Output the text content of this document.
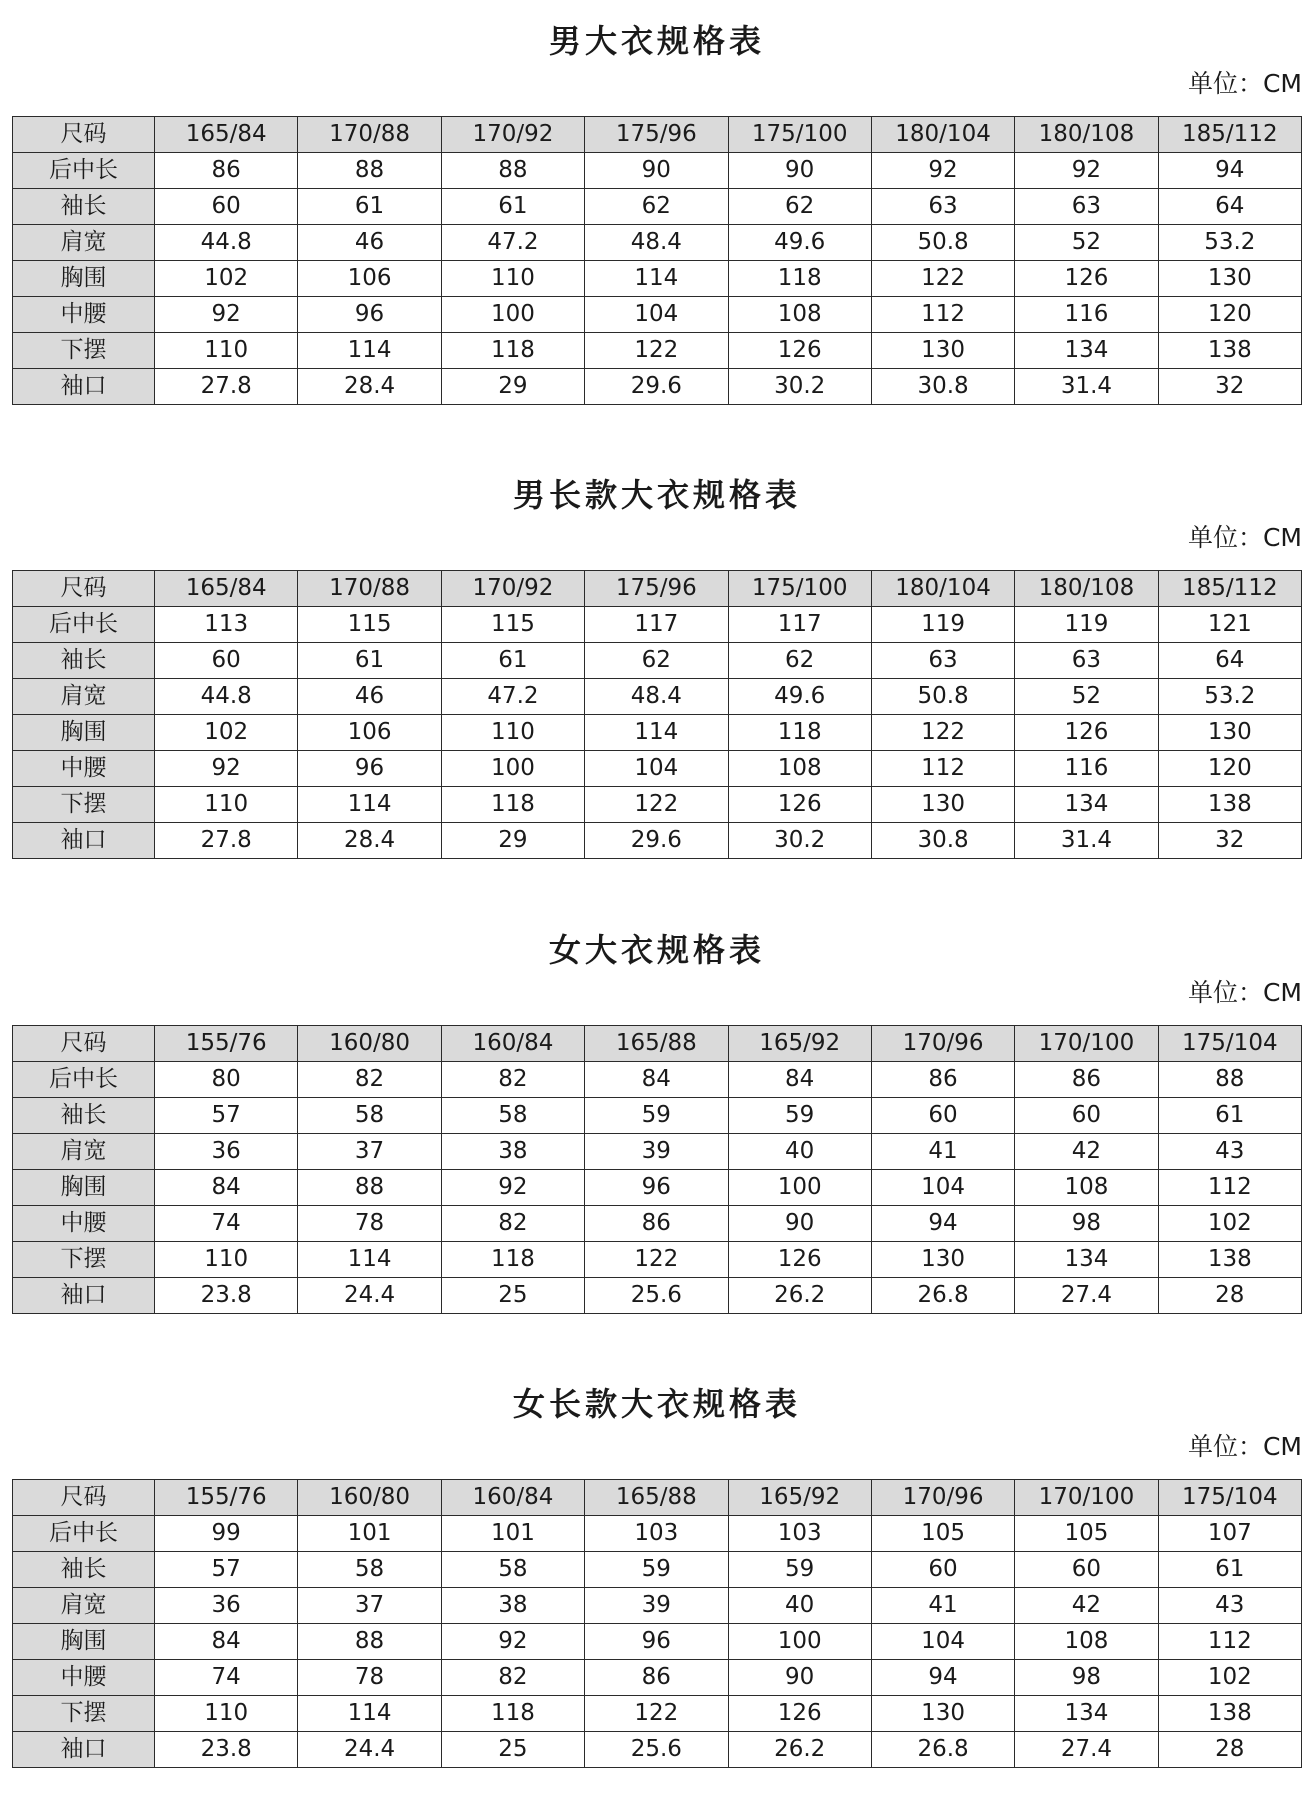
男大衣规格表
单位：CM
尺码	165/84	170/88	170/92	175/96	175/100	180/104	180/108	185/112
后中长	86	88	88	90	90	92	92	94
袖长	60	61	61	62	62	63	63	64
肩宽	44.8	46	47.2	48.4	49.6	50.8	52	53.2
胸围	102	106	110	114	118	122	126	130
中腰	92	96	100	104	108	112	116	120
下摆	110	114	118	122	126	130	134	138
袖口	27.8	28.4	29	29.6	30.2	30.8	31.4	32
男长款大衣规格表
单位：CM
尺码	165/84	170/88	170/92	175/96	175/100	180/104	180/108	185/112
后中长	113	115	115	117	117	119	119	121
袖长	60	61	61	62	62	63	63	64
肩宽	44.8	46	47.2	48.4	49.6	50.8	52	53.2
胸围	102	106	110	114	118	122	126	130
中腰	92	96	100	104	108	112	116	120
下摆	110	114	118	122	126	130	134	138
袖口	27.8	28.4	29	29.6	30.2	30.8	31.4	32
女大衣规格表
单位：CM
尺码	155/76	160/80	160/84	165/88	165/92	170/96	170/100	175/104
后中长	80	82	82	84	84	86	86	88
袖长	57	58	58	59	59	60	60	61
肩宽	36	37	38	39	40	41	42	43
胸围	84	88	92	96	100	104	108	112
中腰	74	78	82	86	90	94	98	102
下摆	110	114	118	122	126	130	134	138
袖口	23.8	24.4	25	25.6	26.2	26.8	27.4	28
女长款大衣规格表
单位：CM
尺码	155/76	160/80	160/84	165/88	165/92	170/96	170/100	175/104
后中长	99	101	101	103	103	105	105	107
袖长	57	58	58	59	59	60	60	61
肩宽	36	37	38	39	40	41	42	43
胸围	84	88	92	96	100	104	108	112
中腰	74	78	82	86	90	94	98	102
下摆	110	114	118	122	126	130	134	138
袖口	23.8	24.4	25	25.6	26.2	26.8	27.4	28
